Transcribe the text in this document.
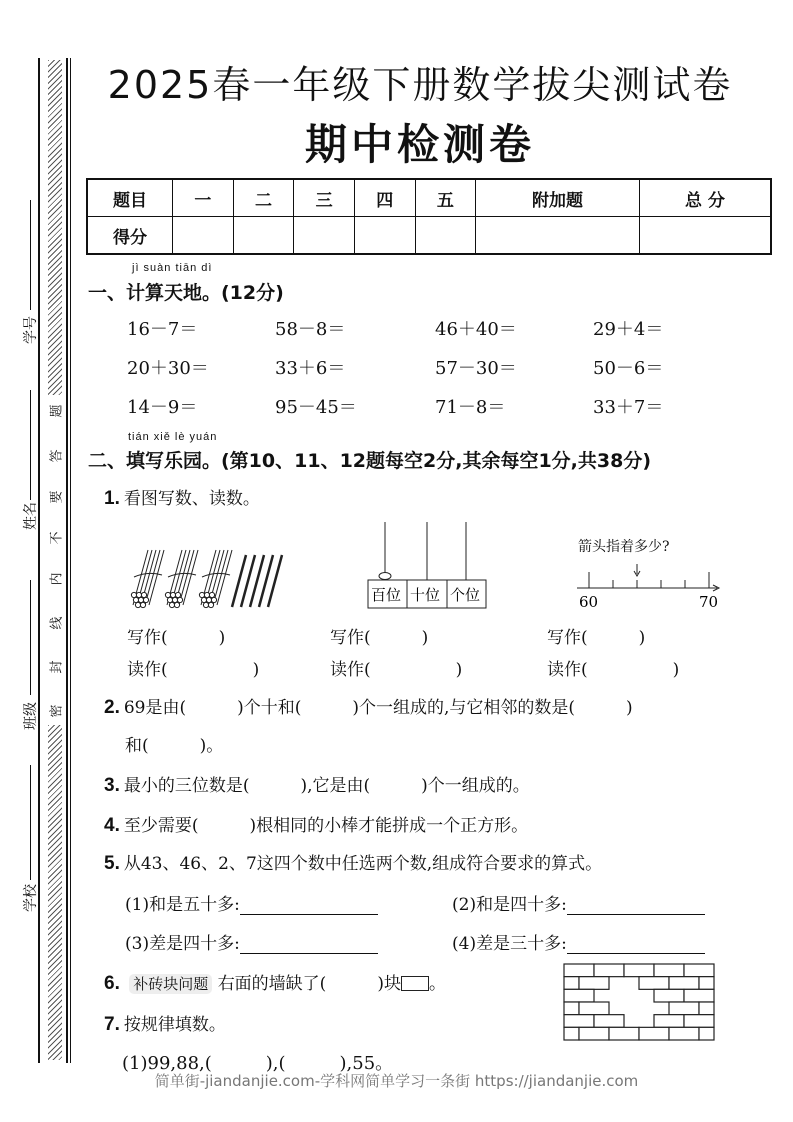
学号
姓名
班级
学校
密
封
线
内
不
要
答
题
2025春一年级下册数学拔尖测试卷
期中检测卷
题目	一	二	三	四	五	附加题	总 分
得分							
jì suàn tiān dì
一、计算天地。(12分)
16－7＝	58－8＝	46＋40＝	29＋4＝
20＋30＝	33＋6＝	57－30＝	50－6＝
14－9＝	95－45＝	71－8＝	33＋7＝
tián xiě lè yuán
二、填写乐园。(第10、11、12题每空2分,其余每空1分,共38分)
1. 看图写数、读数。
百位 十位 个位
箭头指着多少?
60	70
写作(　　　)	写作(　　　)	写作(　　　)
读作(　　　　　)	读作(　　　　　)	读作(　　　　　)
2. 69是由(　　　)个十和(　　　)个一组成的,与它相邻的数是(　　　)
和(　　　)。
3. 最小的三位数是(　　　),它是由(　　　)个一组成的。
4. 至少需要(　　　)根相同的小棒才能拼成一个正方形。
5. 从43、46、2、7这四个数中任选两个数,组成符合要求的算式。
(1)和是五十多:	(2)和是四十多:
(3)差是四十多:	(4)差是三十多:
6. 补砖块问题 右面的墙缺了(　　　)块 。
7. 按规律填数。
(1)99,88,(　　　),(　　　),55。
简单街-jiandanjie.com-学科网简单学习一条街 https://jiandanjie.com
